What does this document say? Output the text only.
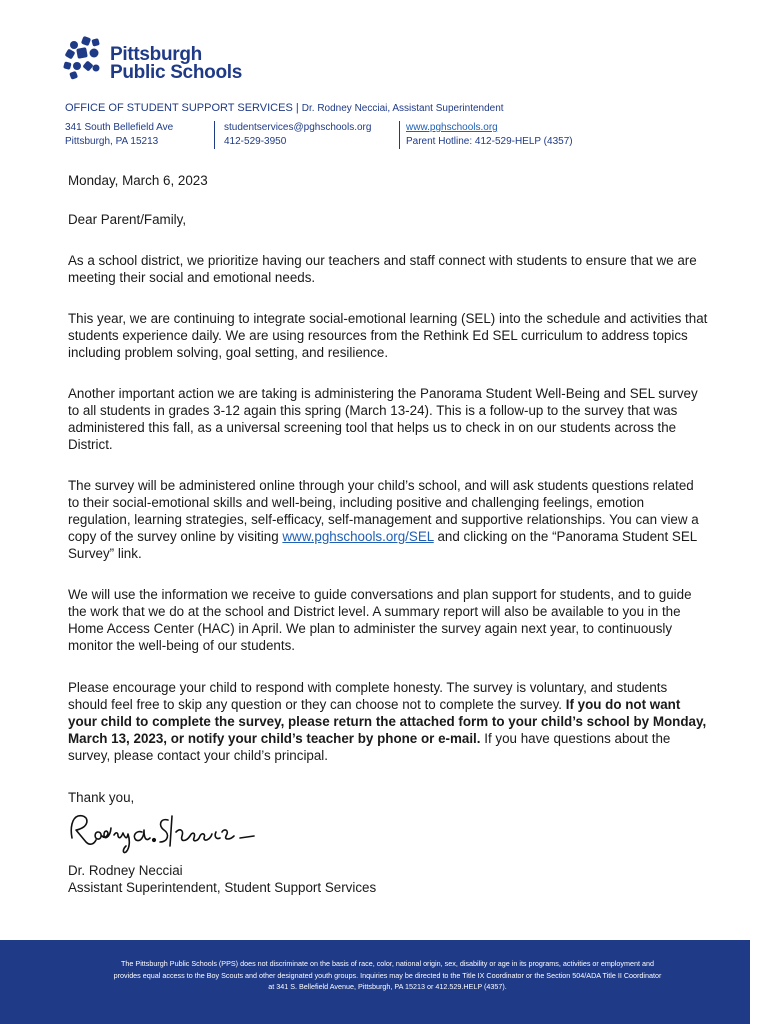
Pittsburgh
Public Schools
OFFICE OF STUDENT SUPPORT SERVICES | Dr. Rodney Necciai, Assistant Superintendent
341 South Bellefield Ave
Pittsburgh, PA 15213
studentservices@pghschools.org
412-529-3950
www.pghschools.org
Parent Hotline: 412-529-HELP (4357)
Monday, March 6, 2023
Dear Parent/Family,

As a school district, we prioritize having our teachers and staff connect with students to ensure that we are meeting their social and emotional needs.

This year, we are continuing to integrate social-emotional learning (SEL) into the schedule and activities that students experience daily. We are using resources from the Rethink Ed SEL curriculum to address topics including problem solving, goal setting, and resilience.

Another important action we are taking is administering the Panorama Student Well-Being and SEL survey to all students in grades 3-12 again this spring (March 13-24). This is a follow-up to the survey that was administered this fall, as a universal screening tool that helps us to check in on our students across the District.

The survey will be administered online through your child’s school, and will ask students questions related to their social-emotional skills and well-being, including positive and challenging feelings, emotion regulation, learning strategies, self-efficacy, self-management and supportive relationships. You can view a copy of the survey online by visiting www.pghschools.org/SEL and clicking on the “Panorama Student SEL Survey” link.

We will use the information we receive to guide conversations and plan support for students, and to guide the work that we do at the school and District level. A summary report will also be available to you in the Home Access Center (HAC) in April. We plan to administer the survey again next year, to continuously monitor the well-being of our students.

Please encourage your child to respond with complete honesty. The survey is voluntary, and students should feel free to skip any question or they can choose not to complete the survey. If you do not want your child to complete the survey, please return the attached form to your child’s school by Monday, March 13, 2023, or notify your child’s teacher by phone or e-mail. If you have questions about the survey, please contact your child’s principal.

Thank you,
Dr. Rodney Necciai
Assistant Superintendent, Student Support Services
The Pittsburgh Public Schools (PPS) does not discriminate on the basis of race, color, national origin, sex, disability or age in its programs, activities or employment and provides equal access to the Boy Scouts and other designated youth groups. Inquiries may be directed to the Title IX Coordinator or the Section 504/ADA Title II Coordinator at 341 S. Bellefield Avenue, Pittsburgh, PA 15213 or 412.529.HELP (4357).
